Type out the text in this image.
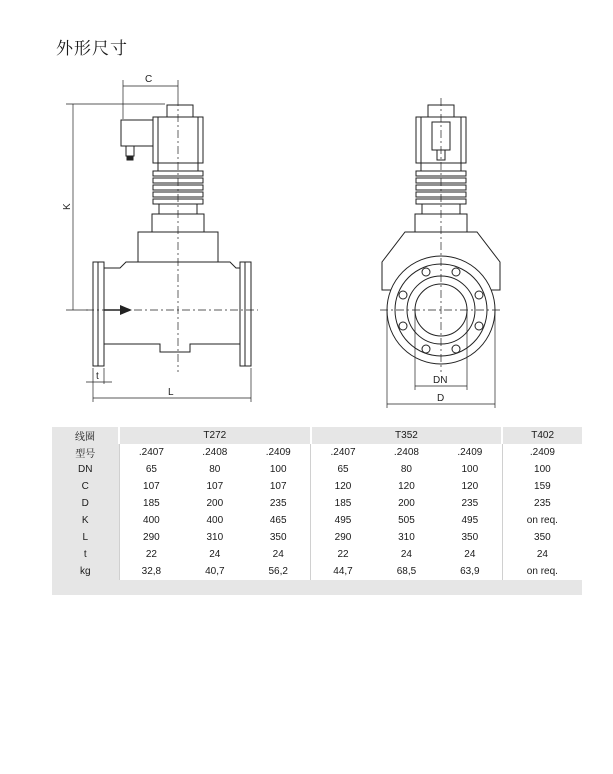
外形尺寸
C
K
t
L
DN
D
线圈	T272			T352			T402
型号	.2407	.2408	.2409	.2407	.2408	.2409	.2409
DN	65	80	100	65	80	100	100
C	107	107	107	120	120	120	159
D	185	200	235	185	200	235	235
K	400	400	465	495	505	495	on req.
L	290	310	350	290	310	350	350
t	22	24	24	22	24	24	24
kg	32,8	40,7	56,2	44,7	68,5	63,9	on req.
